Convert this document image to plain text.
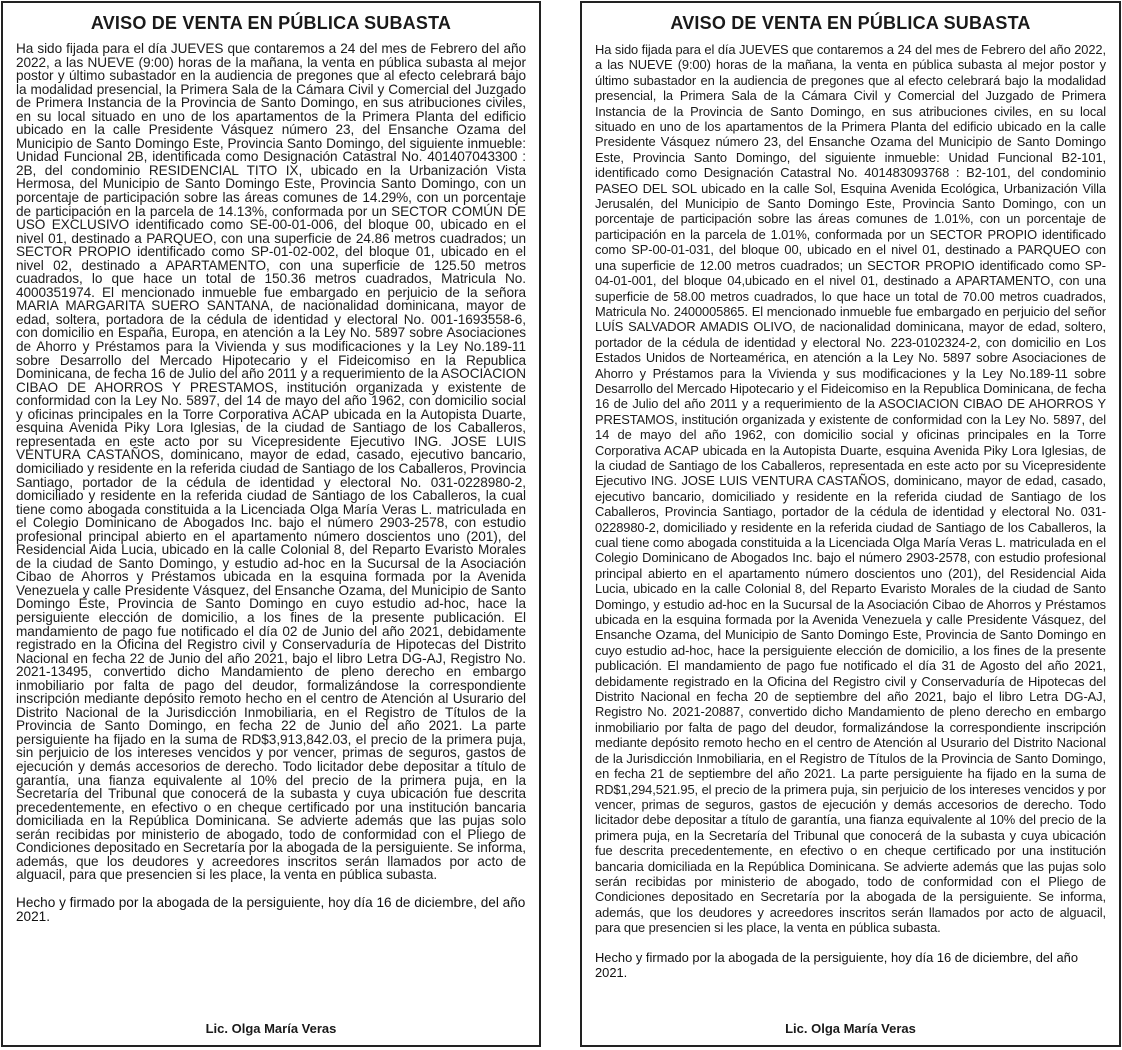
AVISO DE VENTA EN PÚBLICA SUBASTA

Ha sido fijada para el día JUEVES que contaremos a 24 del mes de Febrero del año 2022, a las NUEVE (9:00) horas de la mañana, la venta en pública subasta al mejor postor y último subastador en la audiencia de pregones que al efecto celebrará bajo la modalidad presencial, la Primera Sala de la Cámara Civil y Comercial del Juzgado de Primera Instancia de la Provincia de Santo Domingo, en sus atribuciones civiles, en su local situado en uno de los apartamentos de la Primera Planta del edificio ubicado en la calle Presidente Vásquez número 23, del Ensanche Ozama del Municipio de Santo Domingo Este, Provincia Santo Domingo, del siguiente inmueble: Unidad Funcional 2B, identificada como Designación Catastral No. 401407043300 : 2B, del condominio RESIDENCIAL TITO IX, ubicado en la Urbanización Vista Hermosa, del Municipio de Santo Domingo Este, Provincia Santo Domingo, con un porcentaje de participación sobre las áreas comunes de 14.29%, con un porcentaje de participación en la parcela de 14.13%, conformada por un SECTOR COMÚN DE USO EXCLUSIVO identificado como SE-00-01-006, del bloque 00, ubicado en el nivel 01, destinado a PARQUEO, con una superficie de 24.86 metros cuadrados; un SECTOR PROPIO identificado como SP-01-02-002, del bloque 01, ubicado en el nivel 02, destinado a APARTAMENTO, con una superficie de 125.50 metros cuadrados, lo que hace un total de 150.36 metros cuadrados, Matricula No. 4000351974. El mencionado inmueble fue embargado en perjuicio de la señora MARIA MARGARITA SUERO SANTANA, de nacionalidad dominicana, mayor de edad, soltera, portadora de la cédula de identidad y electoral No. 001-1693558-6, con domicilio en España, Europa, en atención a la Ley No. 5897 sobre Asociaciones de Ahorro y Préstamos para la Vivienda y sus modificaciones y la Ley No.189-11 sobre Desarrollo del Mercado Hipotecario y el Fideicomiso en la Republica Dominicana, de fecha 16 de Julio del año 2011 y a requerimiento de la ASOCIACION CIBAO DE AHORROS Y PRESTAMOS, institución organizada y existente de conformidad con la Ley No. 5897, del 14 de mayo del año 1962, con domicilio social y oficinas principales en la Torre Corporativa ACAP ubicada en la Autopista Duarte, esquina Avenida Piky Lora Iglesias, de la ciudad de Santiago de los Caballeros, representada en este acto por su Vicepresidente Ejecutivo ING. JOSE LUIS VENTURA CASTAÑOS, dominicano, mayor de edad, casado, ejecutivo bancario, domiciliado y residente en la referida ciudad de Santiago de los Caballeros, Provincia Santiago, portador de la cédula de identidad y electoral No. 031-0228980-2, domiciliado y residente en la referida ciudad de Santiago de los Caballeros, la cual tiene como abogada constituida a la Licenciada Olga María Veras L. matriculada en el Colegio Dominicano de Abogados Inc. bajo el número 2903-2578, con estudio profesional principal abierto en el apartamento número doscientos uno (201), del Residencial Aida Lucia, ubicado en la calle Colonial 8, del Reparto Evaristo Morales de la ciudad de Santo Domingo, y estudio ad-hoc en la Sucursal de la Asociación Cibao de Ahorros y Préstamos ubicada en la esquina formada por la Avenida Venezuela y calle Presidente Vásquez, del Ensanche Ozama, del Municipio de Santo Domingo Este, Provincia de Santo Domingo en cuyo estudio ad-hoc, hace la persiguiente elección de domicilio, a los fines de la presente publicación. El mandamiento de pago fue notificado el día 02 de Junio del año 2021, debidamente registrado en la Oficina del Registro civil y Conservaduría de Hipotecas del Distrito Nacional en fecha 22 de Junio del año 2021, bajo el libro Letra DG-AJ, Registro No. 2021-13495, convertido dicho Mandamiento de pleno derecho en embargo inmobiliario por falta de pago del deudor, formalizándose la correspondiente inscripción mediante depósito remoto hecho en el centro de Atención al Usurario del Distrito Nacional de la Jurisdicción Inmobiliaria, en el Registro de Títulos de la Provincia de Santo Domingo, en fecha 22 de Junio del año 2021. La parte persiguiente ha fijado en la suma de RD$3,913,842.03, el precio de la primera puja, sin perjuicio de los intereses vencidos y por vencer, primas de seguros, gastos de ejecución y demás accesorios de derecho. Todo licitador debe depositar a título de garantía, una fianza equivalente al 10% del precio de la primera puja, en la Secretaría del Tribunal que conocerá de la subasta y cuya ubicación fue descrita precedentemente, en efectivo o en cheque certificado por una institución bancaria domiciliada en la República Dominicana. Se advierte además que las pujas solo serán recibidas por ministerio de abogado, todo de conformidad con el Pliego de Condiciones depositado en Secretaría por la abogada de la persiguiente. Se informa, además, que los deudores y acreedores inscritos serán llamados por acto de alguacil, para que presencien si les place, la venta en pública subasta.

Hecho y firmado por la abogada de la persiguiente, hoy día 16 de diciembre, del año 2021.

Lic. Olga María Veras
AVISO DE VENTA EN PÚBLICA SUBASTA

Ha sido fijada para el día JUEVES que contaremos a 24 del mes de Febrero del año 2022, a las NUEVE (9:00) horas de la mañana, la venta en pública subasta al mejor postor y último subastador en la audiencia de pregones que al efecto celebrará bajo la modalidad presencial, la Primera Sala de la Cámara Civil y Comercial del Juzgado de Primera Instancia de la Provincia de Santo Domingo, en sus atribuciones civiles, en su local situado en uno de los apartamentos de la Primera Planta del edificio ubicado en la calle Presidente Vásquez número 23, del Ensanche Ozama del Municipio de Santo Domingo Este, Provincia Santo Domingo, del siguiente inmueble: Unidad Funcional B2-101, identificado como Designación Catastral No. 401483093768 : B2-101, del condominio PASEO DEL SOL ubicado en la calle Sol, Esquina Avenida Ecológica, Urbanización Villa Jerusalén, del Municipio de Santo Domingo Este, Provincia Santo Domingo, con un porcentaje de participación sobre las áreas comunes de 1.01%, con un porcentaje de participación en la parcela de 1.01%, conformada por un SECTOR PROPIO identificado como SP-00-01-031, del bloque 00, ubicado en el nivel 01, destinado a PARQUEO con una superficie de 12.00 metros cuadrados; un SECTOR PROPIO identificado como SP-04-01-001, del bloque 04,ubicado en el nivel 01, destinado a APARTAMENTO, con una superficie de 58.00 metros cuadrados, lo que hace un total de 70.00 metros cuadrados, Matricula No. 2400005865. El mencionado inmueble fue embargado en perjuicio del señor LUÍS SALVADOR AMADIS OLIVO, de nacionalidad dominicana, mayor de edad, soltero, portador de la cédula de identidad y electoral No. 223-0102324-2, con domicilio en Los Estados Unidos de Norteamérica, en atención a la Ley No. 5897 sobre Asociaciones de Ahorro y Préstamos para la Vivienda y sus modificaciones y la Ley No.189-11 sobre Desarrollo del Mercado Hipotecario y el Fideicomiso en la Republica Dominicana, de fecha 16 de Julio del año 2011 y a requerimiento de la ASOCIACION CIBAO DE AHORROS Y PRESTAMOS, institución organizada y existente de conformidad con la Ley No. 5897, del 14 de mayo del año 1962, con domicilio social y oficinas principales en la Torre Corporativa ACAP ubicada en la Autopista Duarte, esquina Avenida Piky Lora Iglesias, de la ciudad de Santiago de los Caballeros, representada en este acto por su Vicepresidente Ejecutivo ING. JOSE LUIS VENTURA CASTAÑOS, dominicano, mayor de edad, casado, ejecutivo bancario, domiciliado y residente en la referida ciudad de Santiago de los Caballeros, Provincia Santiago, portador de la cédula de identidad y electoral No. 031-0228980-2, domiciliado y residente en la referida ciudad de Santiago de los Caballeros, la cual tiene como abogada constituida a la Licenciada Olga María Veras L. matriculada en el Colegio Dominicano de Abogados Inc. bajo el número 2903-2578, con estudio profesional principal abierto en el apartamento número doscientos uno (201), del Residencial Aida Lucia, ubicado en la calle Colonial 8, del Reparto Evaristo Morales de la ciudad de Santo Domingo, y estudio ad-hoc en la Sucursal de la Asociación Cibao de Ahorros y Préstamos ubicada en la esquina formada por la Avenida Venezuela y calle Presidente Vásquez, del Ensanche Ozama, del Municipio de Santo Domingo Este, Provincia de Santo Domingo en cuyo estudio ad-hoc, hace la persiguiente elección de domicilio, a los fines de la presente publicación. El mandamiento de pago fue notificado el día 31 de Agosto del año 2021, debidamente registrado en la Oficina del Registro civil y Conservaduría de Hipotecas del Distrito Nacional en fecha 20 de septiembre del año 2021, bajo el libro Letra DG-AJ, Registro No. 2021-20887, convertido dicho Mandamiento de pleno derecho en embargo inmobiliario por falta de pago del deudor, formalizándose la correspondiente inscripción mediante depósito remoto hecho en el centro de Atención al Usurario del Distrito Nacional de la Jurisdicción Inmobiliaria, en el Registro de Títulos de la Provincia de Santo Domingo, en fecha 21 de septiembre del año 2021. La parte persiguiente ha fijado en la suma de RD$1,294,521.95, el precio de la primera puja, sin perjuicio de los intereses vencidos y por vencer, primas de seguros, gastos de ejecución y demás accesorios de derecho. Todo licitador debe depositar a título de garantía, una fianza equivalente al 10% del precio de la primera puja, en la Secretaría del Tribunal que conocerá de la subasta y cuya ubicación fue descrita precedentemente, en efectivo o en cheque certificado por una institución bancaria domiciliada en la República Dominicana. Se advierte además que las pujas solo serán recibidas por ministerio de abogado, todo de conformidad con el Pliego de Condiciones depositado en Secretaría por la abogada de la persiguiente. Se informa, además, que los deudores y acreedores inscritos serán llamados por acto de alguacil, para que presencien si les place, la venta en pública subasta.

Hecho y firmado por la abogada de la persiguiente, hoy día 16 de diciembre, del año 2021.

Lic. Olga María Veras
